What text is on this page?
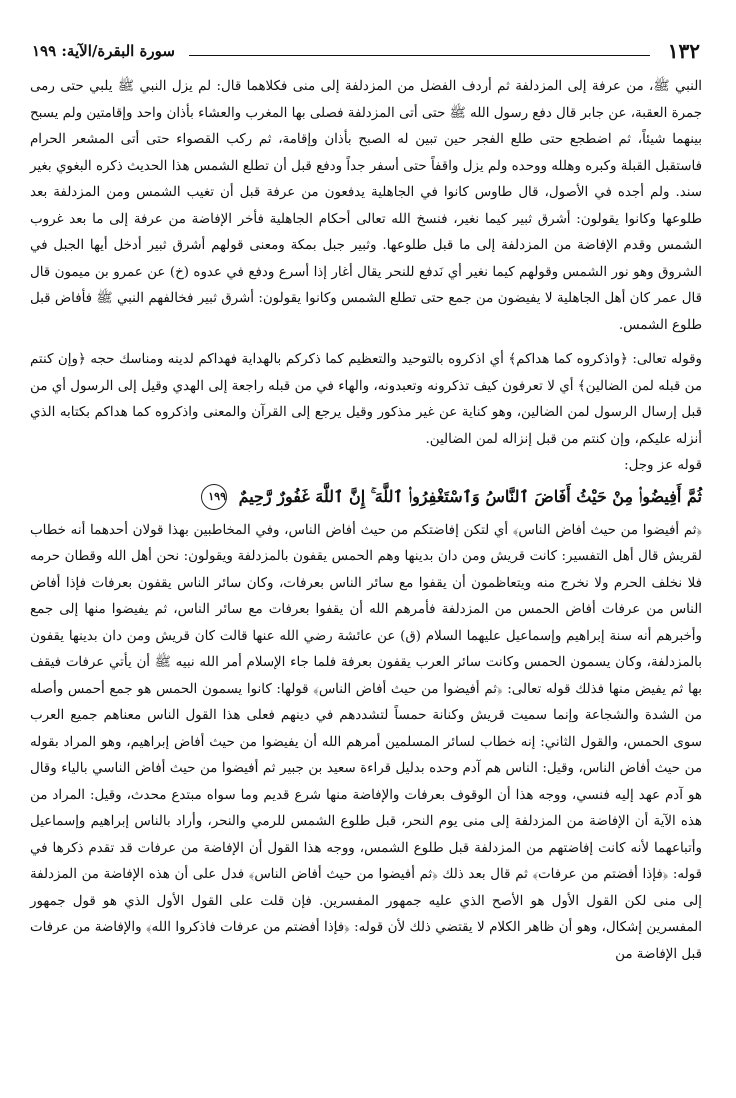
١٣٢
سورة البقرة/الآية: ١٩٩

النبي ﷺ، من عرفة إلى المزدلفة ثم أردف الفضل من المزدلفة إلى منى فكلاهما قال: لم يزل النبي ﷺ يلبي حتى رمى جمرة العقبة، عن جابر قال دفع رسول الله ﷺ حتى أتى المزدلفة فصلى بها المغرب والعشاء بأذان واحد وإقامتين ولم يسبح بينهما شيئاً، ثم اضطجع حتى طلع الفجر حين تبين له الصبح بأذان وإقامة، ثم ركب القصواء حتى أتى المشعر الحرام فاستقبل القبلة وكبره وهلله ووحده ولم يزل واقفاً حتى أسفر جداً ودفع قبل أن تطلع الشمس هذا الحديث ذكره البغوي بغير سند. ولم أجده في الأصول، قال طاوس كانوا في الجاهلية يدفعون من عرفة قبل أن تغيب الشمس ومن المزدلفة بعد طلوعها وكانوا يقولون: أشرق ثبير كيما نغير، فنسخ الله تعالى أحكام الجاهلية فأخر الإفاضة من عرفة إلى ما بعد غروب الشمس وقدم الإفاضة من المزدلفة إلى ما قبل طلوعها. وثبير جبل بمكة ومعنى قولهم أشرق ثبير أدخل أيها الجبل في الشروق وهو نور الشمس وقولهم كيما نغير أي نَدفع للنحر يقال أغار إذا أسرع ودفع في عدوه (خ) عن عمرو بن ميمون قال قال عمر كان أهل الجاهلية لا يفيضون من جمع حتى تطلع الشمس وكانوا يقولون: أشرق ثبير فخالفهم النبي ﷺ فأفاض قبل طلوع الشمس.

وقوله تعالى: ﴿واذكروه كما هداكم﴾ أي اذكروه بالتوحيد والتعظيم كما ذكركم بالهداية فهداكم لدينه ومناسك حجه ﴿وإن كنتم من قبله لمن الضالين﴾ أي لا تعرفون كيف تذكرونه وتعبدونه، والهاء في من قبله راجعة إلى الهدي وقيل إلى الرسول أي من قبل إرسال الرسول لمن الضالين، وهو كناية عن غير مذكور وقيل يرجع إلى القرآن والمعنى واذكروه كما هداكم بكتابه الذي أنزله عليكم، وإن كنتم من قبل إنزاله لمن الضالين.

قوله عز وجل:

ثُمَّ أَفِيضُوا۟ مِنْ حَيْثُ أَفَاضَ ٱلنَّاسُ وَٱسْتَغْفِرُوا۟ ٱللَّهَ ۚ إِنَّ ٱللَّهَ غَفُورٌ رَّحِيمٌ ١٩٩

﴿ثم أفيضوا من حيث أفاض الناس﴾ أي لتكن إفاضتكم من حيث أفاض الناس، وفي المخاطبين بهذا قولان أحدهما أنه خطاب لقريش قال أهل التفسير: كانت قريش ومن دان بدينها وهم الحمس يقفون بالمزدلفة ويقولون: نحن أهل الله وقطان حرمه فلا نخلف الحرم ولا نخرج منه ويتعاظمون أن يقفوا مع سائر الناس بعرفات، وكان سائر الناس يقفون بعرفات فإذا أفاض الناس من عرفات أفاض الحمس من المزدلفة فأمرهم الله أن يقفوا بعرفات مع سائر الناس، ثم يفيضوا منها إلى جمع وأخبرهم أنه سنة إبراهيم وإسماعيل عليهما السلام (ق) عن عائشة رضي الله عنها قالت كان قريش ومن دان بدينها يقفون بالمزدلفة، وكان يسمون الحمس وكانت سائر العرب يقفون بعرفة فلما جاء الإسلام أمر الله نبيه ﷺ أن يأتي عرفات فيقف بها ثم يفيض منها فذلك قوله تعالى: ﴿ثم أفيضوا من حيث أفاض الناس﴾ قولها: كانوا يسمون الحمس هو جمع أحمس وأصله من الشدة والشجاعة وإنما سميت قريش وكنانة حمساً لتشددهم في دينهم فعلى هذا القول الناس معناهم جميع العرب سوى الحمس، والقول الثاني: إنه خطاب لسائر المسلمين أمرهم الله أن يفيضوا من حيث أفاض إبراهيم، وهو المراد بقوله من حيث أفاض الناس، وقيل: الناس هم آدم وحده بدليل قراءة سعيد بن جبير ثم أفيضوا من حيث أفاض الناسي بالياء وقال هو آدم عهد إليه فنسي، ووجه هذا أن الوقوف بعرفات والإفاضة منها شرع قديم وما سواه مبتدع محدث، وقيل: المراد من هذه الآية أن الإفاضة من المزدلفة إلى منى يوم النحر، قبل طلوع الشمس للرمي والنحر، وأراد بالناس إبراهيم وإسماعيل وأتباعهما لأنه كانت إفاضتهم من المزدلفة قبل طلوع الشمس، ووجه هذا القول أن الإفاضة من عرفات قد تقدم ذكرها في قوله: ﴿فإذا أفضتم من عرفات﴾ ثم قال بعد ذلك ﴿ثم أفيضوا من حيث أفاض الناس﴾ فدل على أن هذه الإفاضة من المزدلفة إلى منى لكن القول الأول هو الأصح الذي عليه جمهور المفسرين. فإن قلت على القول الأول الذي هو قول جمهور المفسرين إشكال، وهو أن ظاهر الكلام لا يقتضي ذلك لأن قوله: ﴿فإذا أفضتم من عرفات فاذكروا الله﴾ والإفاضة من عرفات قبل الإفاضة من
